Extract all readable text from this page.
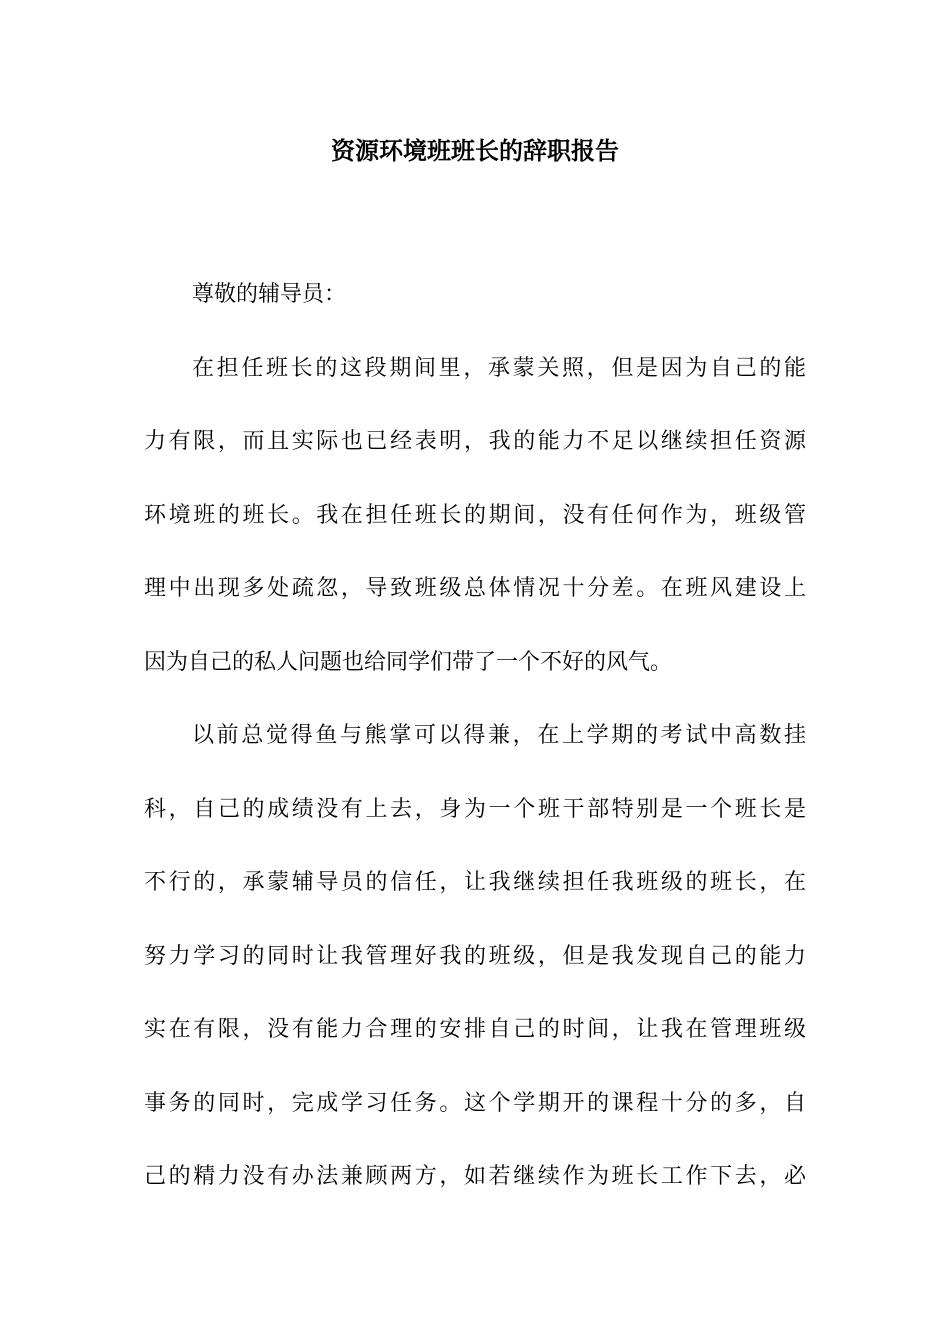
资源环境班班长的辞职报告
尊敬的辅导员：
在担任班长的这段期间里，承蒙关照，但是因为自己的能
力有限，而且实际也已经表明，我的能力不足以继续担任资源
环境班的班长。我在担任班长的期间，没有任何作为，班级管
理中出现多处疏忽，导致班级总体情况十分差。在班风建设上
因为自己的私人问题也给同学们带了一个不好的风气。
以前总觉得鱼与熊掌可以得兼，在上学期的考试中高数挂
科，自己的成绩没有上去，身为一个班干部特别是一个班长是
不行的，承蒙辅导员的信任，让我继续担任我班级的班长，在
努力学习的同时让我管理好我的班级，但是我发现自己的能力
实在有限，没有能力合理的安排自己的时间，让我在管理班级
事务的同时，完成学习任务。这个学期开的课程十分的多，自
己的精力没有办法兼顾两方，如若继续作为班长工作下去，必
